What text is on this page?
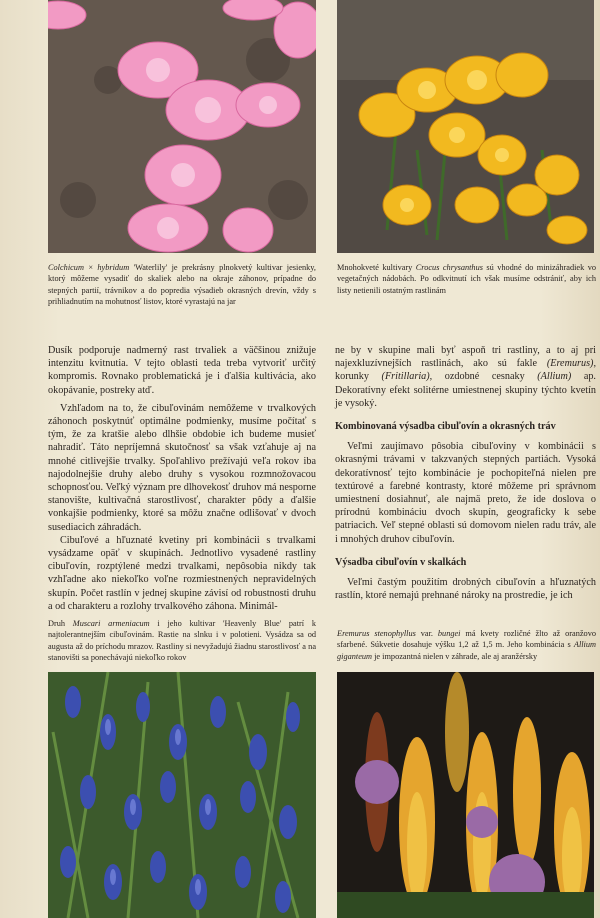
Colchicum × hybridum 'Waterlily' je prekrásny plnokvetý kultivar jesienky, ktorý môžeme vysadiť do skaliek alebo na okraje záhonov, prípadne do stepných partií, trávnikov a do popredia výsadieb okrasných drevín, vždy s prihliadnutím na mohutnosť listov, ktoré vyrastajú na jar
Mnohokveté kultivary Crocus chrysanthus sú vhodné do minizáhradiek vo vegetačných nádobách. Po odkvitnutí ich však musíme odstrániť, aby ich listy netienili ostatným rastlinám

Dusík podporuje nadmerný rast trvaliek a väčšinou znižuje intenzitu kvitnutia. V tejto oblasti teda treba vytvoriť určitý kompromis. Rovnako problematická je i ďalšia kultivácia, ako okopávanie, postreky atď.

Vzhľadom na to, že cibuľovinám nemôžeme v trvalkových záhonoch poskytnúť optimálne podmienky, musíme počítať s tým, že za kratšie alebo dlhšie obdobie ich budeme musieť nahradiť. Táto nepríjemná skutočnosť sa však vzťahuje aj na mnohé citlivejšie trvalky. Spoľahlivo prežívajú veľa rokov iba najodolnejšie druhy alebo druhy s vysokou rozmnožovacou schopnosťou. Veľký význam pre dlhovekosť druhov má nesporne stanovište, kultivačná starostlivosť, charakter pôdy a ďalšie vonkajšie podmienky, ktoré sa môžu značne odlišovať v dvoch susediacich záhradách.

Cibuľové a hľuznaté kvetiny pri kombinácii s trvalkami vysádzame opäť v skupinách. Jednotlivo vysadené rastliny cibuľovín, rozptýlené medzi trvalkami, nepôsobia nikdy tak vzhľadne ako niekoľko voľne rozmiestnených nepravidelných skupín. Počet rastlín v jednej skupine závisí od robustnosti druhu a od charakteru a rozlohy trvalkového záhona. Minimál-

ne by v skupine mali byť aspoň tri rastliny, a to aj pri najexkluzívnejších rastlinách, ako sú fakle (Eremurus), korunky (Fritillaria), ozdobné cesnaky (Allium) ap. Dekoratívny efekt solitérne umiestnenej skupiny týchto kvetín je vysoký.

Kombinovaná výsadba cibuľovín a okrasných tráv

Veľmi zaujímavo pôsobia cibuľoviny v kombinácii s okrasnými trávami v takzvaných stepných partiách. Vysoká dekoratívnosť tejto kombinácie je pochopiteľná nielen pre textúrové a farebné kontrasty, ktoré môžeme pri správnom umiestnení dosiahnuť, ale najmä preto, že ide doslova o prírodnú kombináciu dvoch skupín, geograficky k sebe patriacich. Veľ stepné oblasti sú domovom nielen radu tráv, ale i mnohých druhov cibuľovín.

Výsadba cibuľovín v skalkách

Veľmi častým použitím drobných cibuľovín a hľuznatých rastlín, ktoré nemajú prehnané nároky na prostredie, je ich

Druh Muscari armeniacum i jeho kultivar 'Heavenly Blue' patrí k najtolerantnejším cibuľovinám. Rastie na slnku i v polotieni. Vysádza sa od augusta až do príchodu mrazov. Rastliny si nevyžadujú žiadnu starostlivosť a na stanovišti sa ponechávajú niekoľko rokov
Eremurus stenophyllus var. bungei má kvety rozličné žlto až oranžovo sfarbené. Súkvetie dosahuje výšku 1,2 až 1,5 m. Jeho kombinácia s Allium giganteum je impozantná nielen v záhrade, ale aj aranžérsky
